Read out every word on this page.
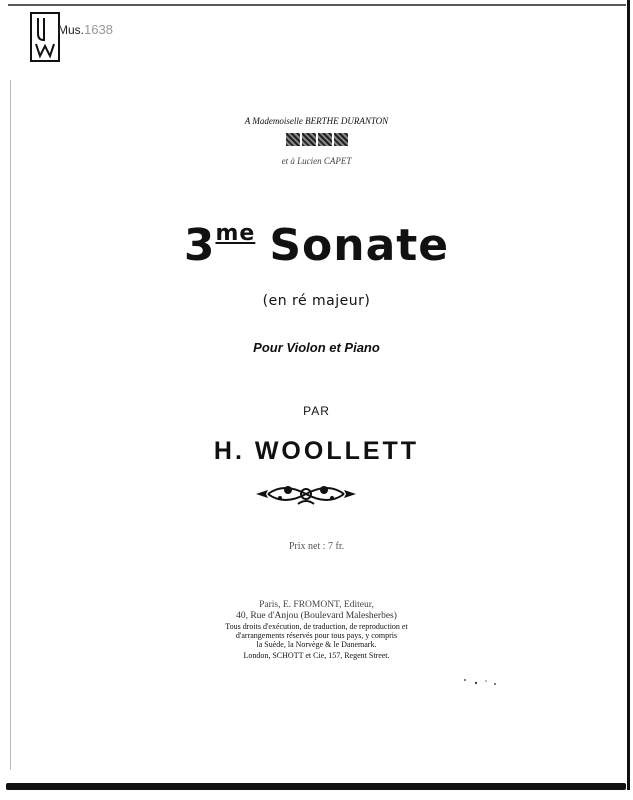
Mus.1638
A Mademoiselle BERTHE DURANTON
et à Lucien CAPET
$3^{me}$ Sonate
(en ré majeur)
Pour Violon et Piano
PAR
H. WOOLLETT
Prix net : 7 fr.
Paris, E. FROMONT, Editeur,
40, Rue d'Anjou (Boulevard Malesherbes)
Tous droits d'exécution, de traduction, de reproduction et
d'arrangements réservés pour tous pays, y compris
la Suède, la Norvège & le Danemark.
London, SCHOTT et Cie, 157, Regent Street.
